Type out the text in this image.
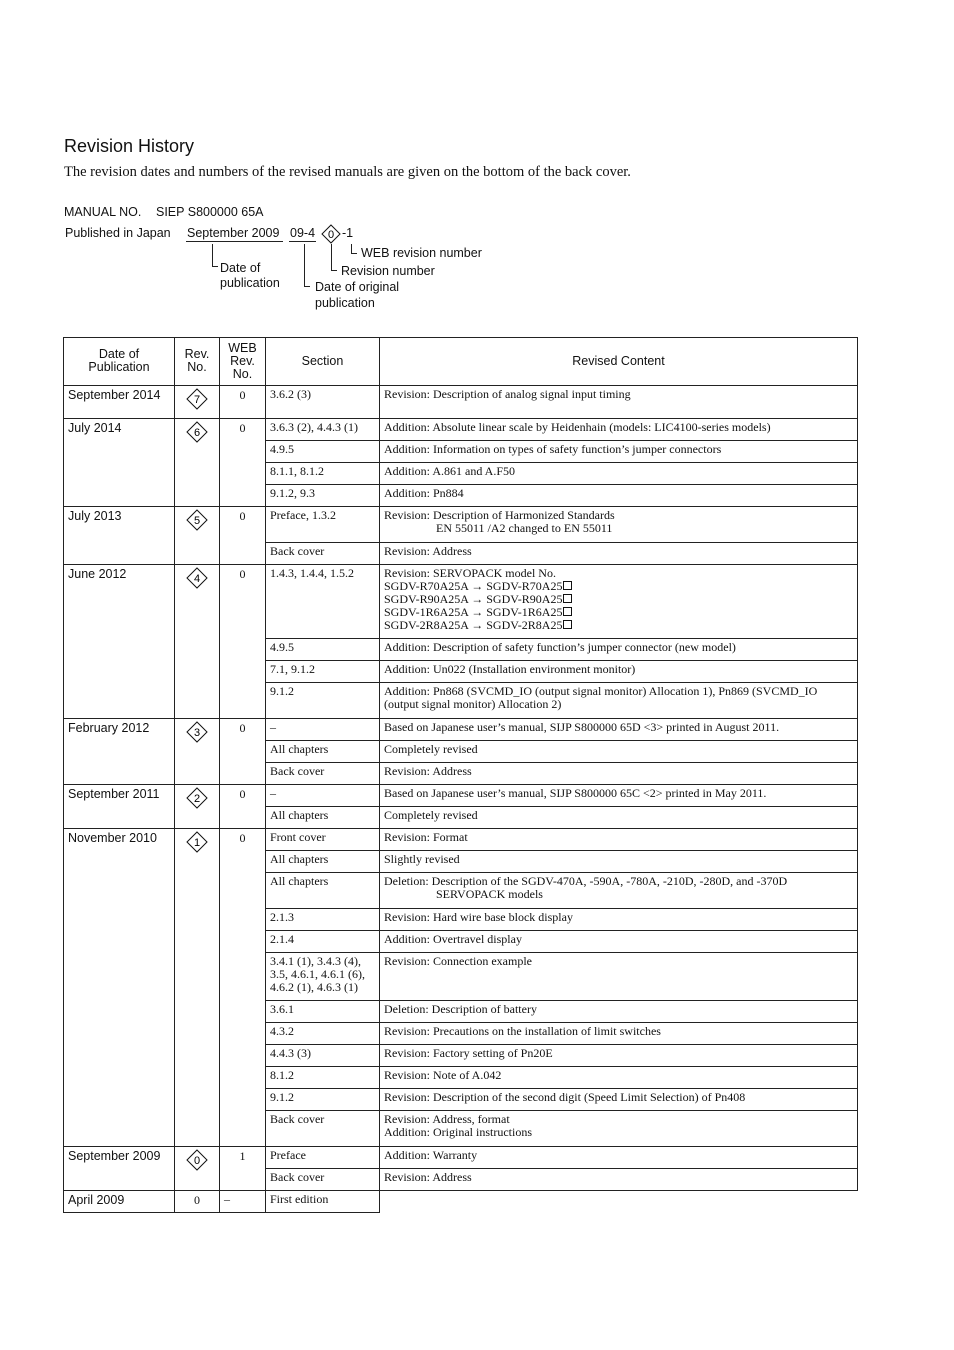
Revision History
The revision dates and numbers of the revised manuals are given on the bottom of the back cover.
MANUAL NO. SIEP S800000 65A
Published in Japan September 2009 09-4 0 -1
WEB revision number
Revision number
Date of
publication	Date of original
publication
Date of
Publication	Rev.
No.	WEB
Rev.
No.	Section	Revised Content
September 2014	7	0	3.6.2 (3)	Revision: Description of analog signal input timing

July 2014	6	0	3.6.3 (2), 4.4.3 (1)	Addition: Absolute linear scale by Heidenhain (models: LIC4100-series models)

			4.9.5	Addition: Information on types of safety function’s jumper connectors

			8.1.1, 8.1.2	Addition: A.861 and A.F50

			9.1.2, 9.3	Addition: Pn884

July 2013	5	0	Preface, 1.3.2	Revision: Description of Harmonized Standards
EN 55011 /A2 changed to EN 55011

			Back cover	Revision: Address

June 2012	4	0	1.4.3, 1.4.4, 1.5.2	Revision: SERVOPACK model No.
SGDV-R70A25A → SGDV-R70A25
SGDV-R90A25A → SGDV-R90A25
SGDV-1R6A25A → SGDV-1R6A25
SGDV-2R8A25A → SGDV-2R8A25

			4.9.5	Addition: Description of safety function’s jumper connector (new model)

			7.1, 9.1.2	Addition: Un022 (Installation environment monitor)

			9.1.2	Addition: Pn868 (SVCMD_IO (output signal monitor) Allocation 1), Pn869 (SVCMD_IO
(output signal monitor) Allocation 2)

February 2012	3	0	–	Based on Japanese user’s manual, SIJP S800000 65D <3> printed in August 2011.

			All chapters	Completely revised

			Back cover	Revision: Address

September 2011	2	0	–	Based on Japanese user’s manual, SIJP S800000 65C <2> printed in May 2011.

			All chapters	Completely revised

November 2010	1	0	Front cover	Revision: Format

			All chapters	Slightly revised

			All chapters	Deletion: Description of the SGDV-470A, -590A, -780A, -210D, -280D, and -370D
SERVOPACK models

			2.1.3	Revision: Hard wire base block display

			2.1.4	Addition: Overtravel display

			3.4.1 (1), 3.4.3 (4),
3.5, 4.6.1, 4.6.1 (6),
4.6.2 (1), 4.6.3 (1)	Revision: Connection example

			3.6.1	Deletion: Description of battery

			4.3.2	Revision: Precautions on the installation of limit switches

			4.4.3 (3)	Revision: Factory setting of Pn20E

			8.1.2	Revision: Note of A.042

			9.1.2	Revision: Description of the second digit (Speed Limit Selection) of Pn408

			Back cover	Revision: Address, format
Addition: Original instructions

September 2009	0	1	Preface	Addition: Warranty

			Back cover	Revision: Address

April 2009	0	–	First edition	
